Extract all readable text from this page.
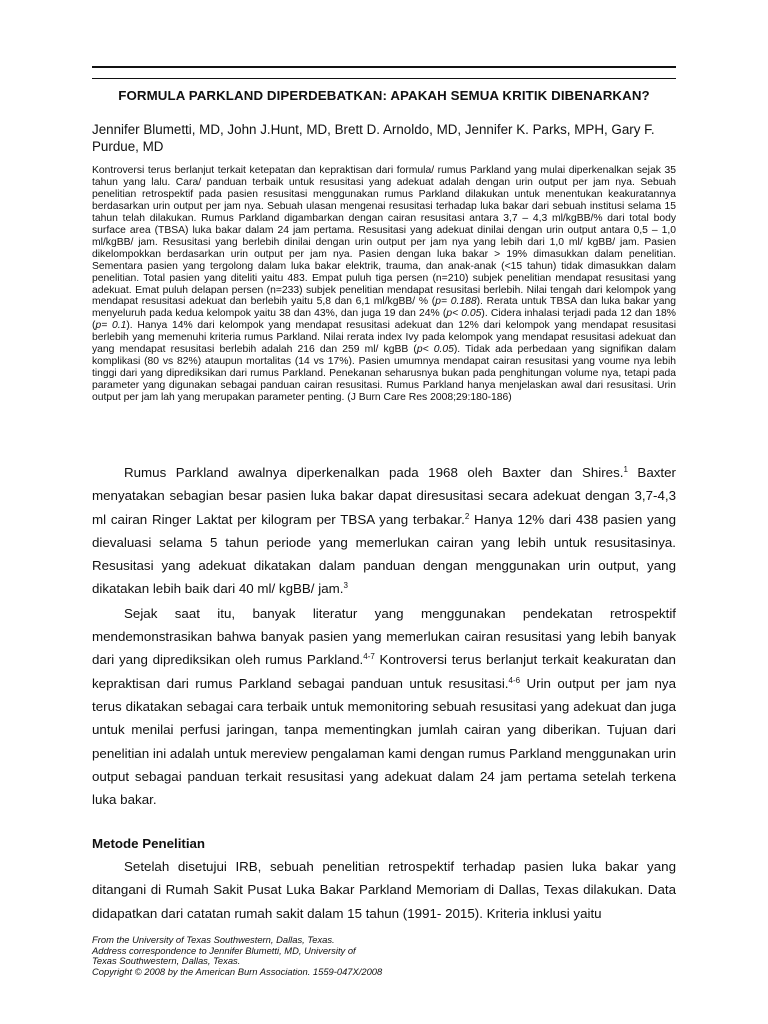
FORMULA PARKLAND DIPERDEBATKAN: APAKAH SEMUA KRITIK DIBENARKAN?
Jennifer Blumetti, MD, John J.Hunt, MD, Brett D. Arnoldo, MD, Jennifer K. Parks, MPH, Gary F. Purdue, MD
Kontroversi terus berlanjut terkait ketepatan dan kepraktisan dari formula/ rumus Parkland yang mulai diperkenalkan sejak 35 tahun yang lalu. Cara/ panduan terbaik untuk resusitasi yang adekuat adalah dengan urin output per jam nya. Sebuah penelitian retrospektif pada pasien resusitasi menggunakan rumus Parkland dilakukan untuk menentukan keakuratannya berdasarkan urin output per jam nya. Sebuah ulasan mengenai resusitasi terhadap luka bakar dari sebuah institusi selama 15 tahun telah dilakukan. Rumus Parkland digambarkan dengan cairan resusitasi antara 3,7 – 4,3 ml/kgBB/% dari total body surface area (TBSA) luka bakar dalam 24 jam pertama. Resusitasi yang adekuat dinilai dengan urin output antara 0,5 – 1,0 ml/kgBB/ jam. Resusitasi yang berlebih dinilai dengan urin output per jam nya yang lebih dari 1,0 ml/ kgBB/ jam. Pasien dikelompokkan berdasarkan urin output per jam nya. Pasien dengan luka bakar > 19% dimasukkan dalam penelitian. Sementara pasien yang tergolong dalam luka bakar elektrik, trauma, dan anak-anak (<15 tahun) tidak dimasukkan dalam penelitian. Total pasien yang diteliti yaitu 483. Empat puluh tiga persen (n=210) subjek penelitian mendapat resusitasi yang adekuat. Emat puluh delapan persen (n=233) subjek penelitian mendapat resusitasi berlebih. Nilai tengah dari kelompok yang mendapat resusitasi adekuat dan berlebih yaitu 5,8 dan 6,1 ml/kgBB/ % (p= 0.188). Rerata untuk TBSA dan luka bakar yang menyeluruh pada kedua kelompok yaitu 38 dan 43%, dan juga 19 dan 24% (p< 0.05). Cidera inhalasi terjadi pada 12 dan 18% (p= 0.1). Hanya 14% dari kelompok yang mendapat resusitasi adekuat dan 12% dari kelompok yang mendapat resusitasi berlebih yang memenuhi kriteria rumus Parkland. Nilai rerata index Ivy pada kelompok yang mendapat resusitasi adekuat dan yang mendapat resusitasi berlebih adalah 216 dan 259 ml/ kgBB (p< 0.05). Tidak ada perbedaan yang signifikan dalam komplikasi (80 vs 82%) ataupun mortalitas (14 vs 17%). Pasien umumnya mendapat cairan resusitasi yang voume nya lebih tinggi dari yang diprediksikan dari rumus Parkland. Penekanan seharusnya bukan pada penghitungan volume nya, tetapi pada parameter yang digunakan sebagai panduan cairan resusitasi. Rumus Parkland hanya menjelaskan awal dari resusitasi. Urin output per jam lah yang merupakan parameter penting. (J Burn Care Res 2008;29:180-186)

Rumus Parkland awalnya diperkenalkan pada 1968 oleh Baxter dan Shires.$^1$ Baxter menyatakan sebagian besar pasien luka bakar dapat diresusitasi secara adekuat dengan 3,7-4,3 ml cairan Ringer Laktat per kilogram per TBSA yang terbakar.$^2$ Hanya 12% dari 438 pasien yang dievaluasi selama 5 tahun periode yang memerlukan cairan yang lebih untuk resusitasinya. Resusitasi yang adekuat dikatakan dalam panduan dengan menggunakan urin output, yang dikatakan lebih baik dari 40 ml/ kgBB/ jam.$^3$

Sejak saat itu, banyak literatur yang menggunakan pendekatan retrospektif mendemonstrasikan bahwa banyak pasien yang memerlukan cairan resusitasi yang lebih banyak dari yang diprediksikan oleh rumus Parkland.$^{4-7}$ Kontroversi terus berlanjut terkait keakuratan dan kepraktisan dari rumus Parkland sebagai panduan untuk resusitasi.$^{4-6}$ Urin output per jam nya terus dikatakan sebagai cara terbaik untuk memonitoring sebuah resusitasi yang adekuat dan juga untuk menilai perfusi jaringan, tanpa mementingkan jumlah cairan yang diberikan. Tujuan dari penelitian ini adalah untuk mereview pengalaman kami dengan rumus Parkland menggunakan urin output sebagai panduan terkait resusitasi yang adekuat dalam 24 jam pertama setelah terkena luka bakar.

Metode Penelitian

Setelah disetujui IRB, sebuah penelitian retrospektif terhadap pasien luka bakar yang ditangani di Rumah Sakit Pusat Luka Bakar Parkland Memoriam di Dallas, Texas dilakukan. Data didapatkan dari catatan rumah sakit dalam 15 tahun (1991- 2015). Kriteria inklusi yaitu

From the University of Texas Southwestern, Dallas, Texas.
Address correspondence to Jennifer Blumetti, MD, University of
Texas Southwestern, Dallas, Texas.
Copyright © 2008 by the American Burn Association. 1559-047X/2008
